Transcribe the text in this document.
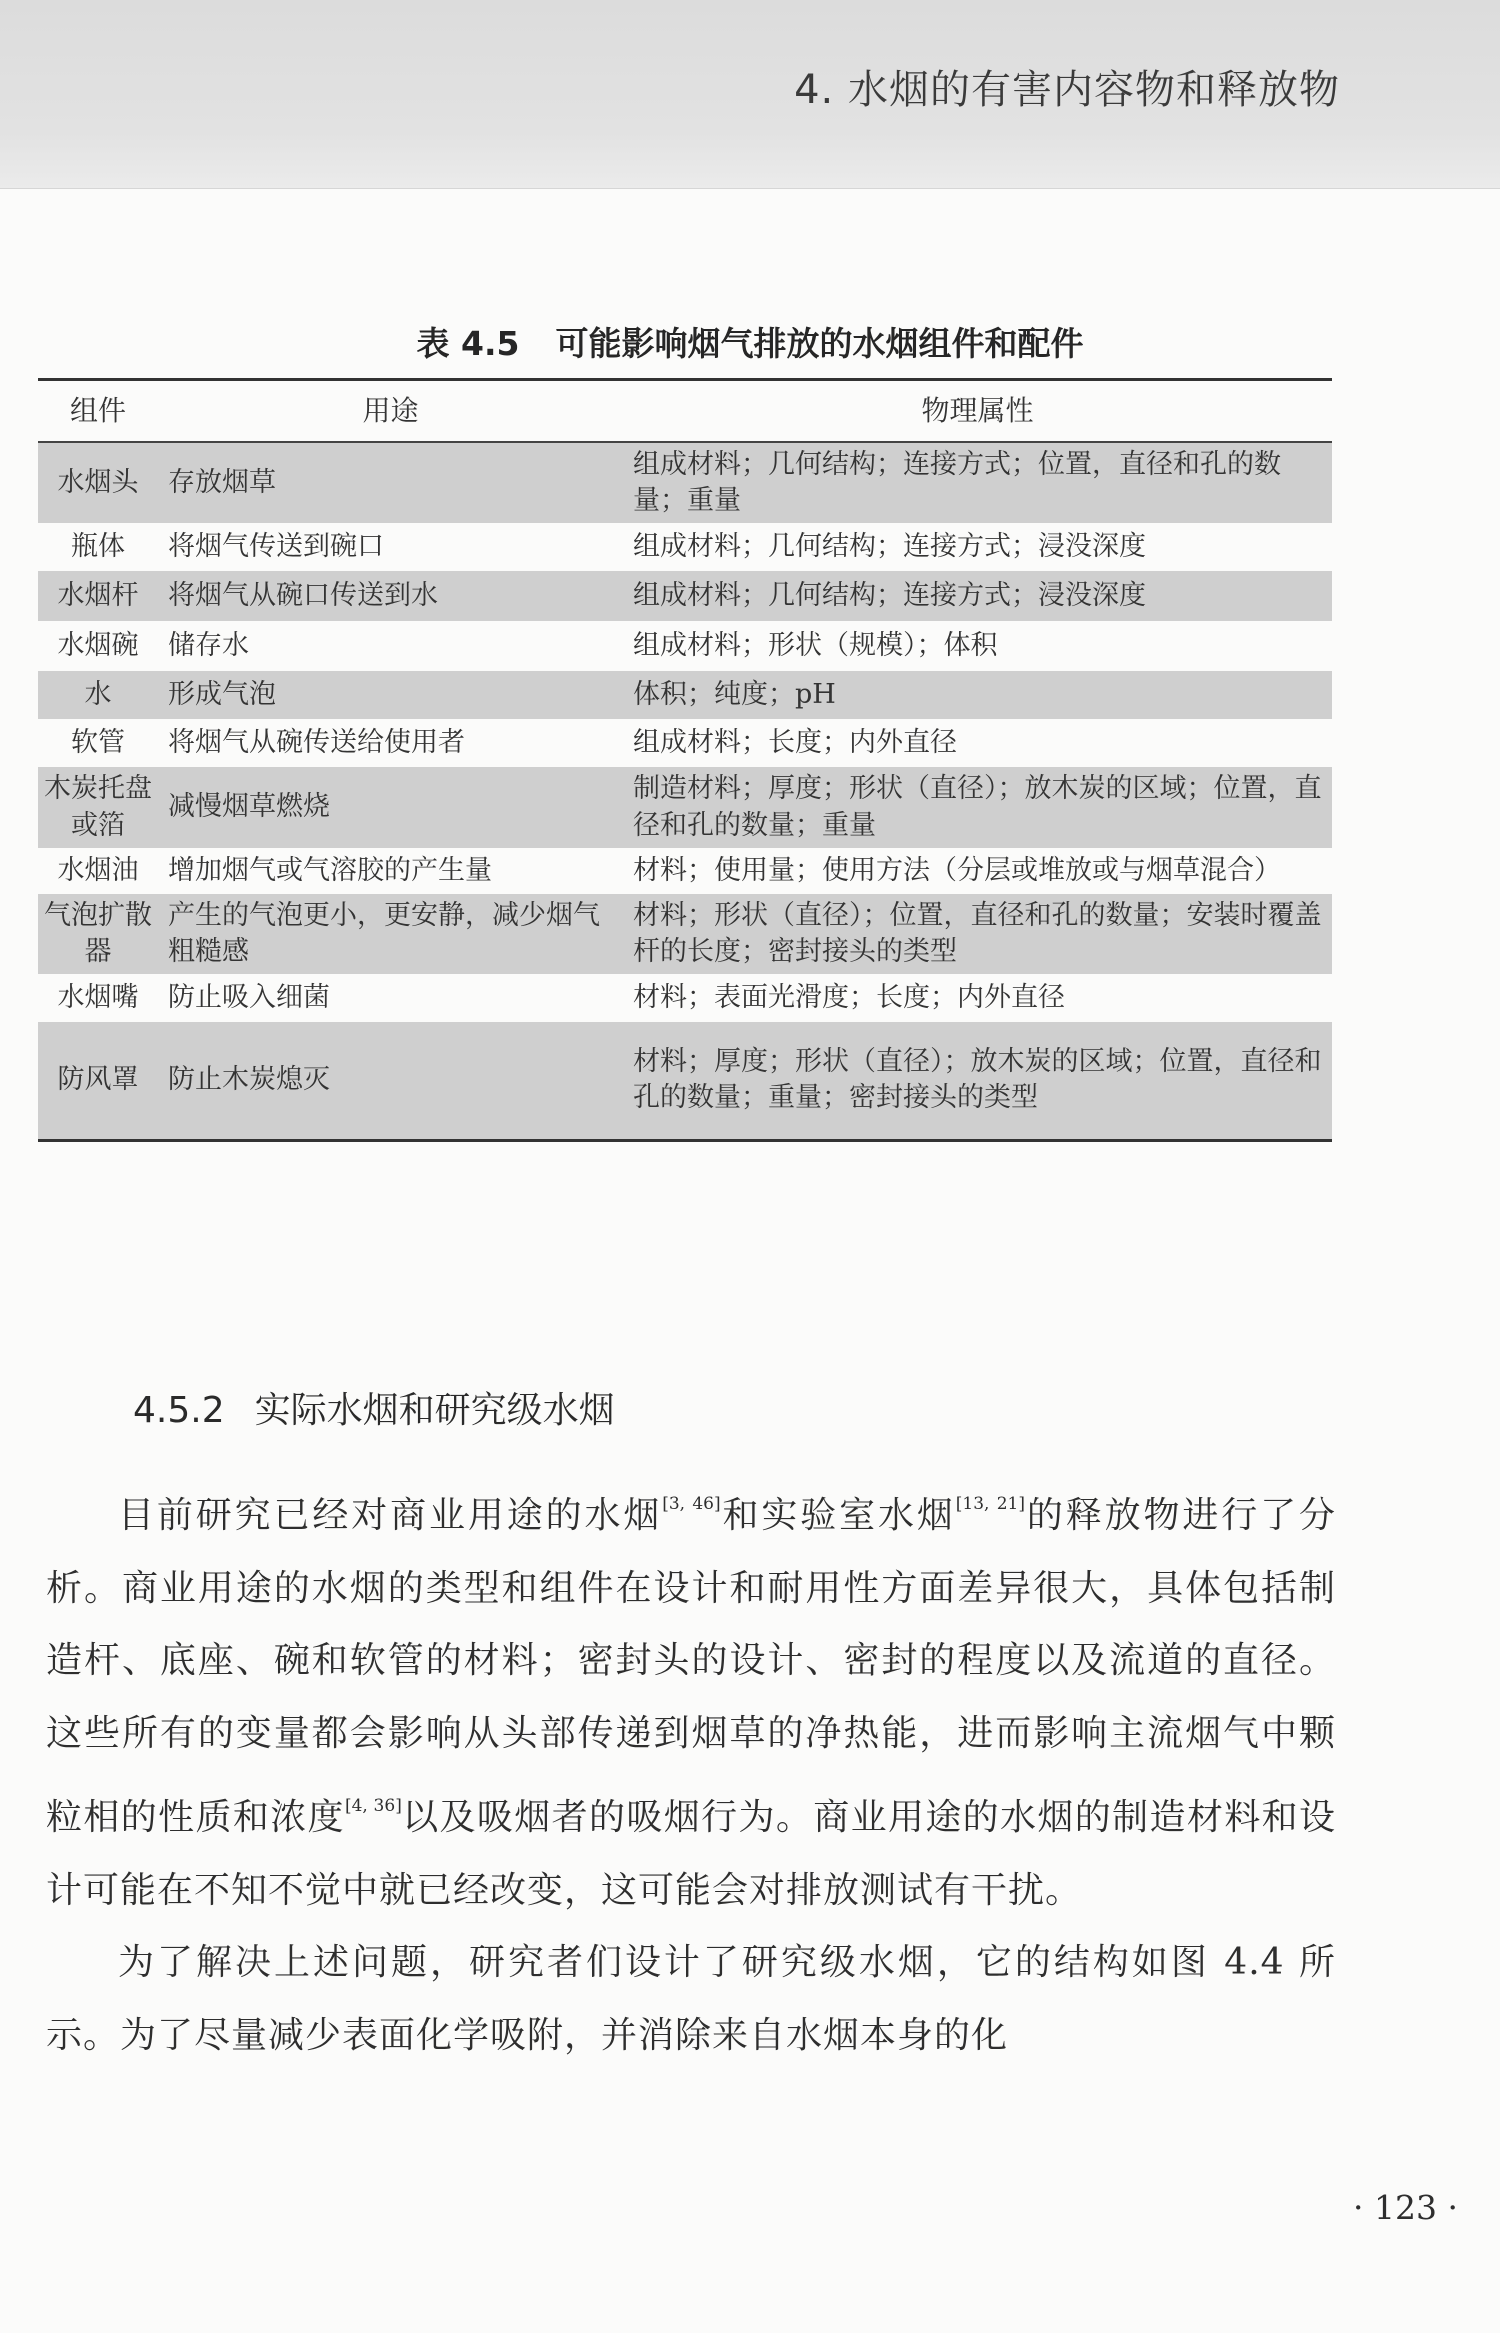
4. 水烟的有害内容物和释放物
表 4.5 可能影响烟气排放的水烟组件和配件
组件	用途	物理属性
水烟头	存放烟草	组成材料；几何结构；连接方式；位置，直径和孔的数量；重量
瓶体	将烟气传送到碗口	组成材料；几何结构；连接方式；浸没深度
水烟杆	将烟气从碗口传送到水	组成材料；几何结构；连接方式；浸没深度
水烟碗	储存水	组成材料；形状（规模）；体积
水	形成气泡	体积；纯度；pH
软管	将烟气从碗传送给使用者	组成材料；长度；内外直径
木炭托盘或箔	减慢烟草燃烧	制造材料；厚度；形状（直径）；放木炭的区域；位置，直径和孔的数量；重量
水烟油	增加烟气或气溶胶的产生量	材料；使用量；使用方法（分层或堆放或与烟草混合）
气泡扩散器	产生的气泡更小，更安静，减少烟气粗糙感	材料；形状（直径）；位置，直径和孔的数量；安装时覆盖杆的长度；密封接头的类型
水烟嘴	防止吸入细菌	材料；表面光滑度；长度；内外直径
防风罩	防止木炭熄灭	材料；厚度；形状（直径）；放木炭的区域；位置，直径和孔的数量；重量；密封接头的类型
4.5.2 实际水烟和研究级水烟

目前研究已经对商业用途的水烟[3, 46]和实验室水烟[13, 21]的释放物进行了分析。商业用途的水烟的类型和组件在设计和耐用性方面差异很大，具体包括制造杆、底座、碗和软管的材料；密封头的设计、密封的程度以及流道的直径。这些所有的变量都会影响从头部传递到烟草的净热能，进而影响主流烟气中颗粒相的性质和浓度[4, 36]以及吸烟者的吸烟行为。商业用途的水烟的制造材料和设计可能在不知不觉中就已经改变，这可能会对排放测试有干扰。

为了解决上述问题，研究者们设计了研究级水烟，它的结构如图 4.4 所示。为了尽量减少表面化学吸附，并消除来自水烟本身的化

· 123 ·
